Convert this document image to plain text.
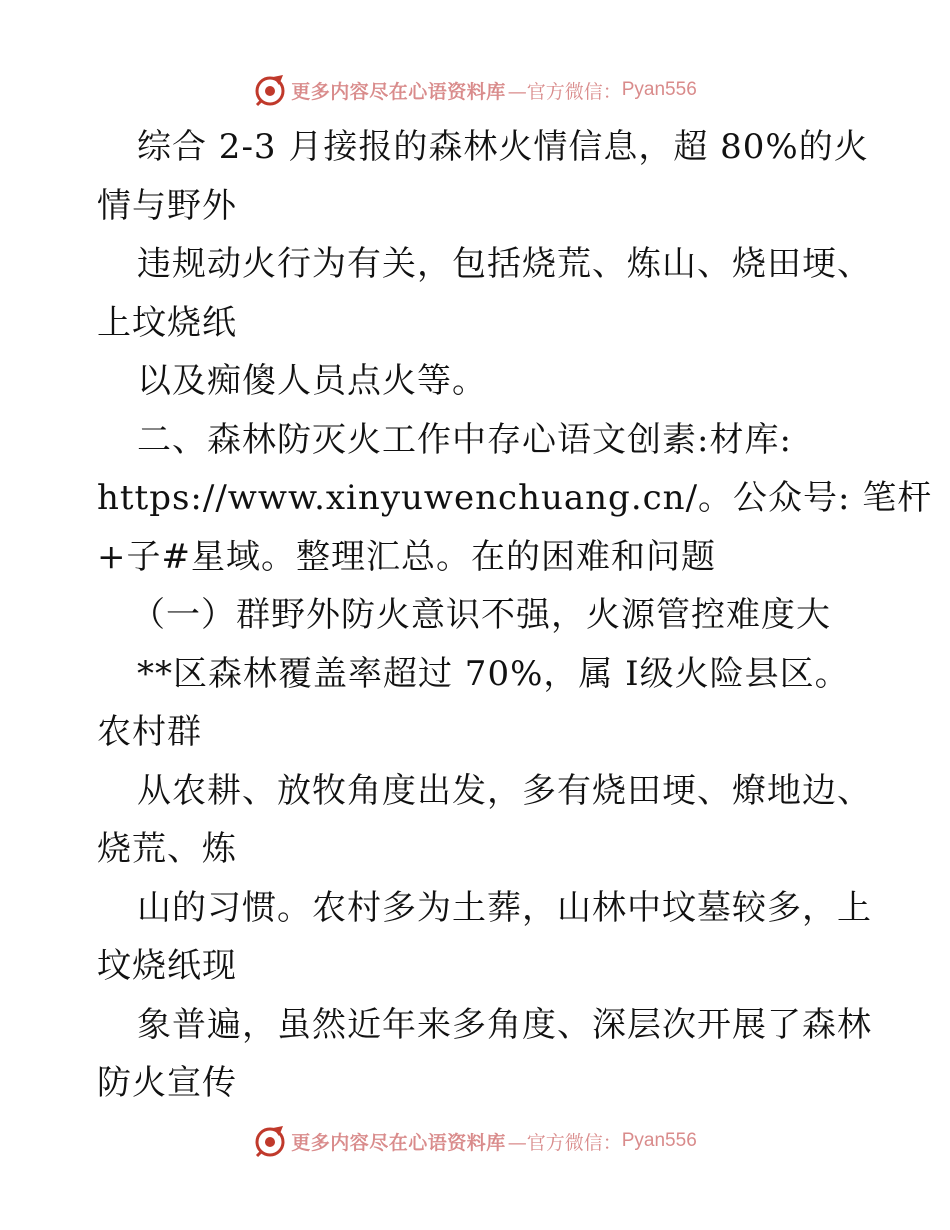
更多内容尽在心语资料库 —官方微信： Pyan556
综合 2-3 月接报的森林火情信息，超 80%的火
情与野外
违规动火行为有关，包括烧荒、炼山、烧田埂、
上坟烧纸
以及痴傻人员点火等。
二、森林防灭火工作中存心语文创素:材库:
https://www.xinyuwenchuang.cn/。公众号: 笔杆
+子#星域。整理汇总。在的困难和问题
（一）群野外防火意识不强，火源管控难度大
**区森林覆盖率超过 70%，属 Ⅰ级火险县区。
农村群
从农耕、放牧角度出发，多有烧田埂、燎地边、
烧荒、炼
山的习惯。农村多为土葬，山林中坟墓较多，上
坟烧纸现
象普遍，虽然近年来多角度、深层次开展了森林
防火宣传
更多内容尽在心语资料库 —官方微信： Pyan556
